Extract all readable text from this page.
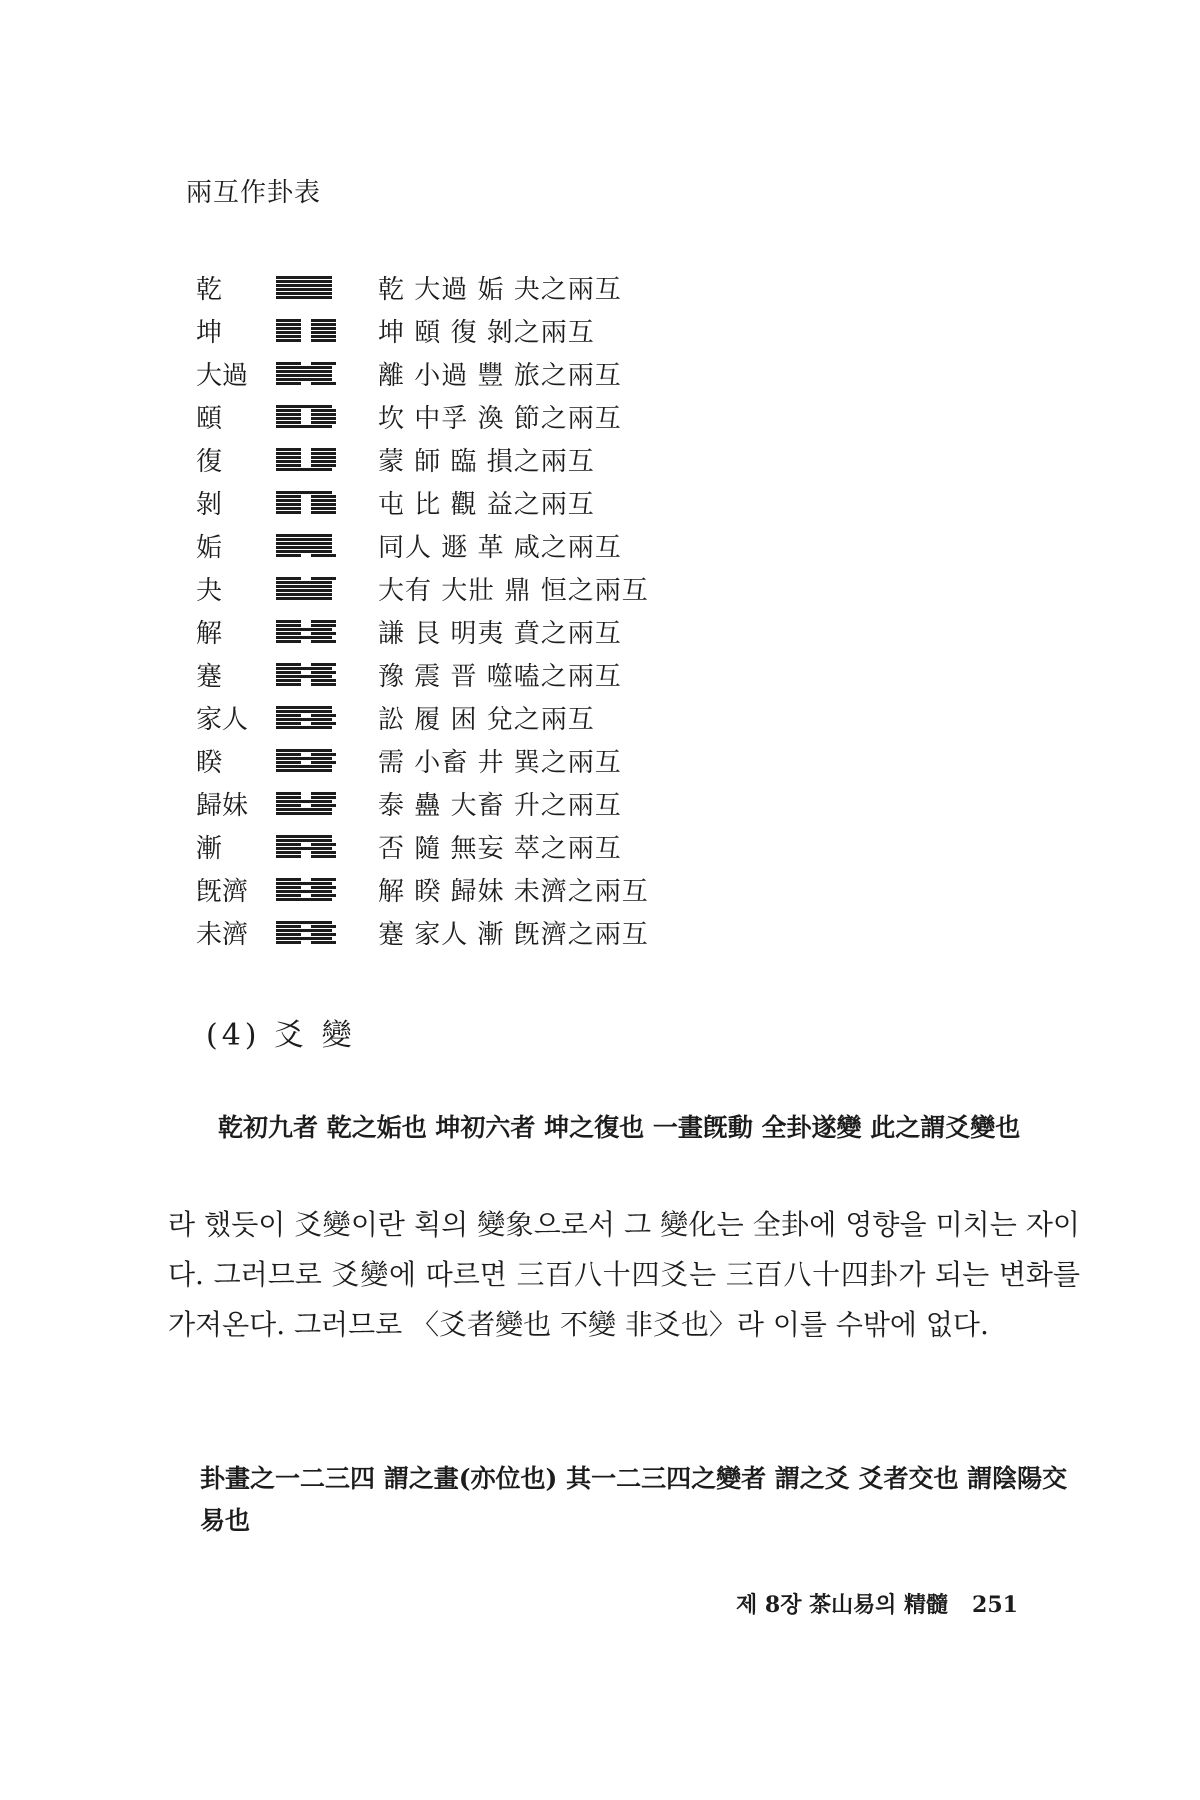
兩互作卦表
乾	乾 大過 姤 夬之兩互
坤	坤 頤 復 剝之兩互
大過	離 小過 豐 旅之兩互
頤	坎 中孚 渙 節之兩互
復	蒙 師 臨 損之兩互
剝	屯 比 觀 益之兩互
姤	同人 遯 革 咸之兩互
夬	大有 大壯 鼎 恒之兩互
解	謙 艮 明夷 賁之兩互
蹇	豫 震 晋 噬嗑之兩互
家人	訟 履 困 兌之兩互
睽	需 小畜 井 巽之兩互
歸妹	泰 蠱 大畜 升之兩互
漸	否 隨 無妄 萃之兩互
旣濟	解 睽 歸妹 未濟之兩互
未濟	蹇 家人 漸 旣濟之兩互
(4) 爻 變
乾初九者 乾之姤也 坤初六者 坤之復也 一畫旣動 全卦遂變 此之謂爻變也
라 했듯이 爻變이란 획의 變象으로서 그 變化는 全卦에 영향을 미치는 자이다. 그러므로 爻變에 따르면 三百八十四爻는 三百八十四卦가 되는 변화를 가져온다. 그러므로 〈爻者變也 不變 非爻也〉라 이를 수밖에 없다.
卦畫之一二三四 謂之畫(亦位也) 其一二三四之變者 謂之爻 爻者交也 謂陰陽交易也
제 8장 茶山易의 精髓 251
